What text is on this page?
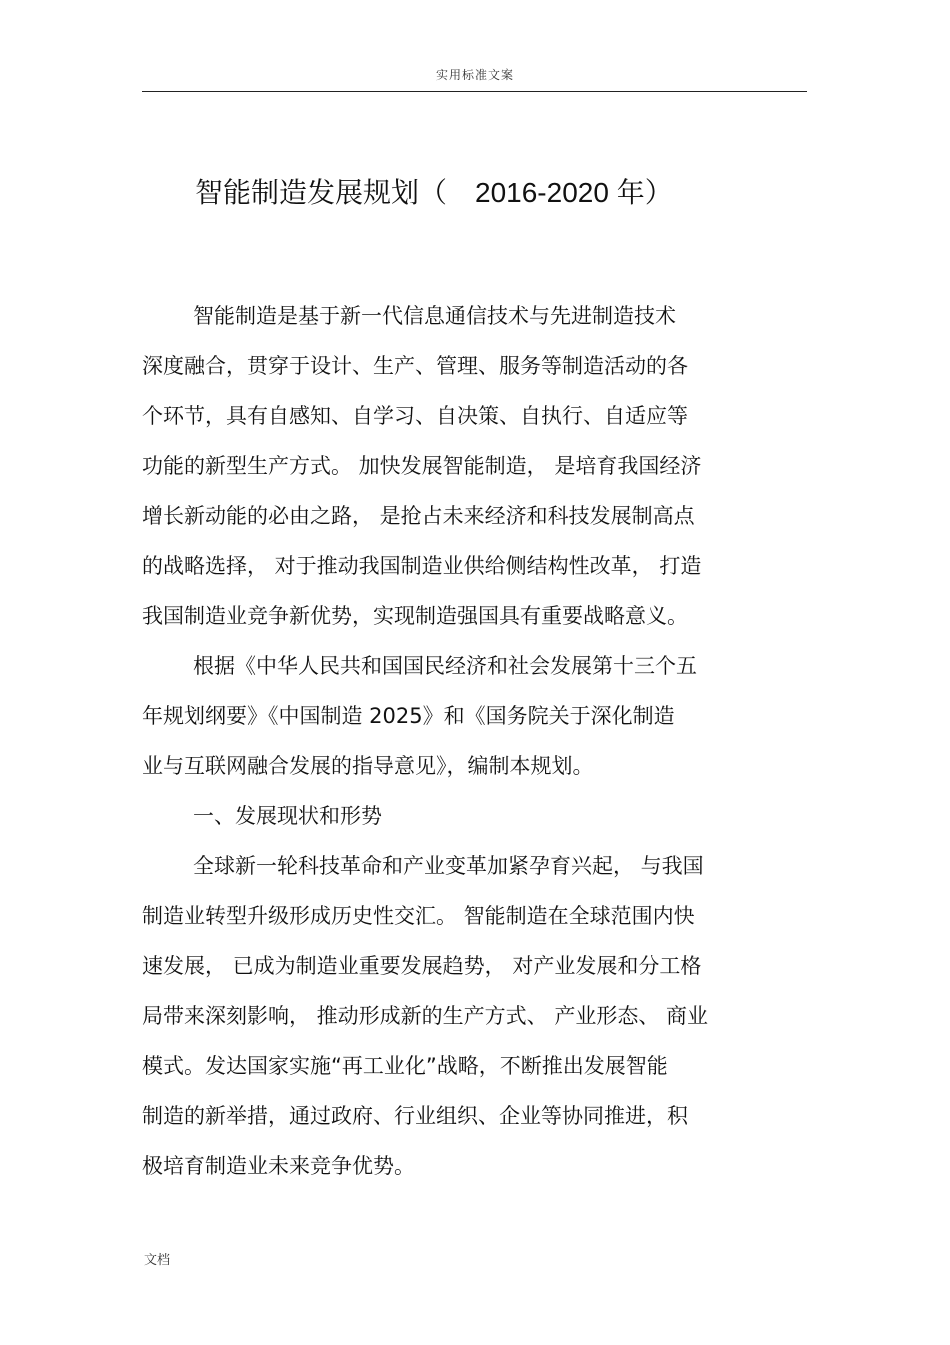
实用标准文案
智能制造发展规划（ 2016-2020 年）
智能制造是基于新一代信息通信技术与先进制造技术
深度融合，贯穿于设计、生产、管理、服务等制造活动的各
个环节，具有自感知、自学习、自决策、自执行、自适应等
功能的新型生产方式。 加快发展智能制造， 是培育我国经济
增长新动能的必由之路， 是抢占未来经济和科技发展制高点
的战略选择， 对于推动我国制造业供给侧结构性改革， 打造
我国制造业竞争新优势，实现制造强国具有重要战略意义。
根据《中华人民共和国国民经济和社会发展第十三个五
年规划纲要》《中国制造 2025》和《国务院关于深化制造
业与互联网融合发展的指导意见》，编制本规划。
一、发展现状和形势
全球新一轮科技革命和产业变革加紧孕育兴起， 与我国
制造业转型升级形成历史性交汇。 智能制造在全球范围内快
速发展， 已成为制造业重要发展趋势， 对产业发展和分工格
局带来深刻影响， 推动形成新的生产方式、 产业形态、 商业
模式。发达国家实施“再工业化”战略，不断推出发展智能
制造的新举措，通过政府、行业组织、企业等协同推进，积
极培育制造业未来竞争优势。
文档
